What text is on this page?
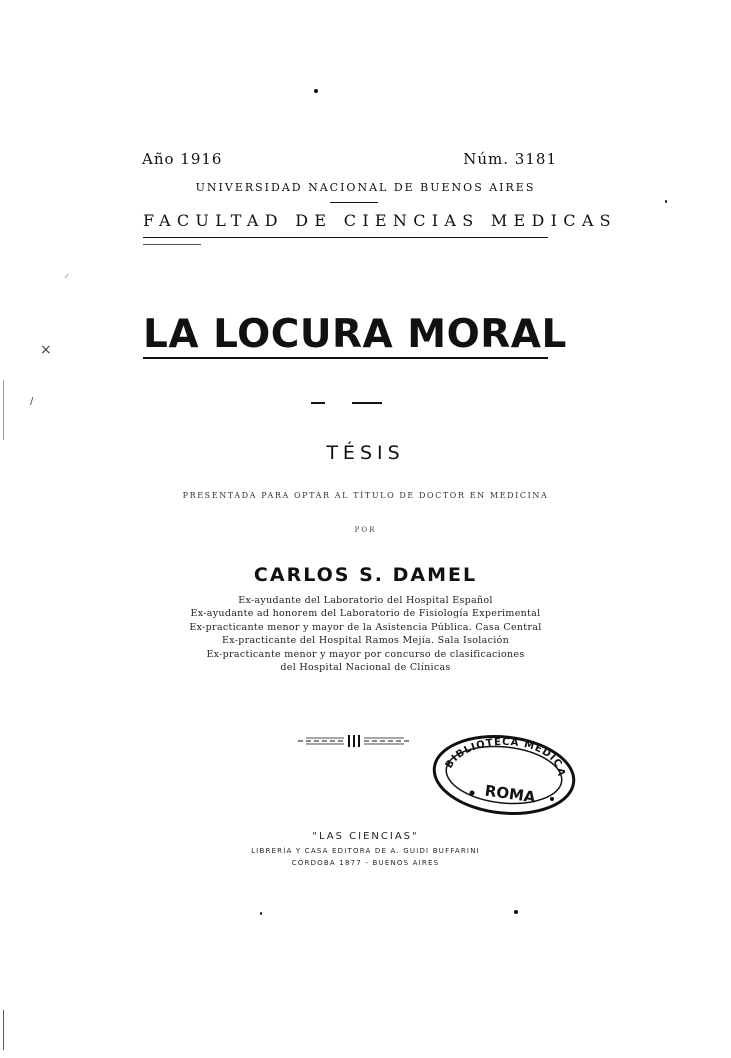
Año 1916	Núm. 3181
UNIVERSIDAD NACIONAL DE BUENOS AIRES
FACULTAD DE CIENCIAS MEDICAS
LA LOCURA MORAL
TÉSIS
PRESENTADA PARA OPTAR AL TÍTULO DE DOCTOR EN MEDICINA
POR
CARLOS S. DAMEL
Ex-ayudante del Laboratorio del Hospital Español
Ex-ayudante ad honorem del Laboratorio de Fisiología Experimental
Ex-practicante menor y mayor de la Asistencia Pública. Casa Central
Ex-practicante del Hospital Ramos Mejía. Sala Isolación
Ex-practicante menor y mayor por concurso de clasificaciones
del Hospital Nacional de Clínicas
BIBLIOTECA MEDICA
ROMA
"LAS CIENCIAS"
LIBRERÍA Y CASA EDITORA DE A. GUIDI BUFFARINI
CÓRDOBA 1877 - BUENOS AIRES
⸝
×
/
